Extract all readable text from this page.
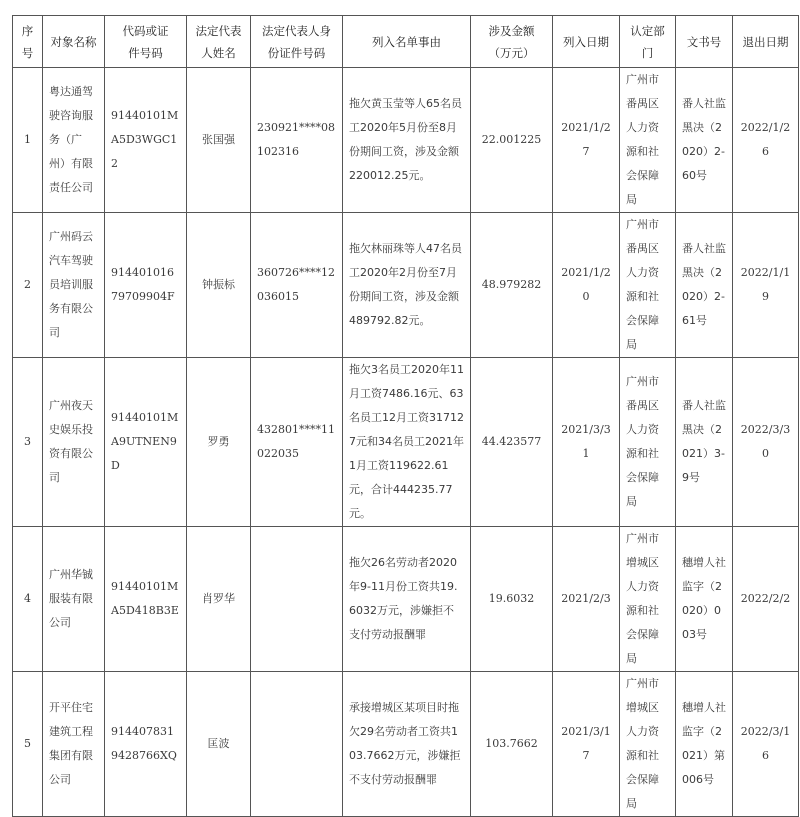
序号	对象名称	代码或证件号码	法定代表人姓名	法定代表人身份证件号码	列入名单事由	涉及金额（万元）	列入日期	认定部门	文书号	退出日期
1	粤达通驾驶咨询服务（广州）有限责任公司	91440101MA5D3WGC12	张国强	230921****08102316	拖欠黄玉莹等人65名员工2020年5月份至8月份期间工资，涉及金额220012.25元。	22.001225	2021/1/27	广州市番禺区人力资源和社会保障局	番人社监黑决（2020）2-60号	2022/1/26
2	广州码云汽车驾驶员培训服务有限公司	91440101679709904F	钟振标	360726****12036015	拖欠林丽珠等人47名员工2020年2月份至7月份期间工资，涉及金额489792.82元。	48.979282	2021/1/20	广州市番禺区人力资源和社会保障局	番人社监黑决（2020）2-61号	2022/1/19
3	广州夜天史娱乐投资有限公司	91440101MA9UTNEN9D	罗勇	432801****11022035	拖欠3名员工2020年11月工资7486.16元、63名员工12月工资317127元和34名员工2021年1月工资119622.61元，合计444235.77元。	44.423577	2021/3/31	广州市番禺区人力资源和社会保障局	番人社监黑决（2021）3-9号	2022/3/30
4	广州华铖服装有限公司	91440101MA5D418B3E	肖罗华		拖欠26名劳动者2020年9-11月份工资共19.6032万元，涉嫌拒不支付劳动报酬罪	19.6032	2021/2/3	广州市增城区人力资源和社会保障局	穗增人社监字（2020）003号	2022/2/2
5	开平住宅建筑工程集团有限公司	9144078319428766XQ	匡波		承接增城区某项目时拖欠29名劳动者工资共103.7662万元，涉嫌拒不支付劳动报酬罪	103.7662	2021/3/17	广州市增城区人力资源和社会保障局	穗增人社监字（2021）第006号	2022/3/16
